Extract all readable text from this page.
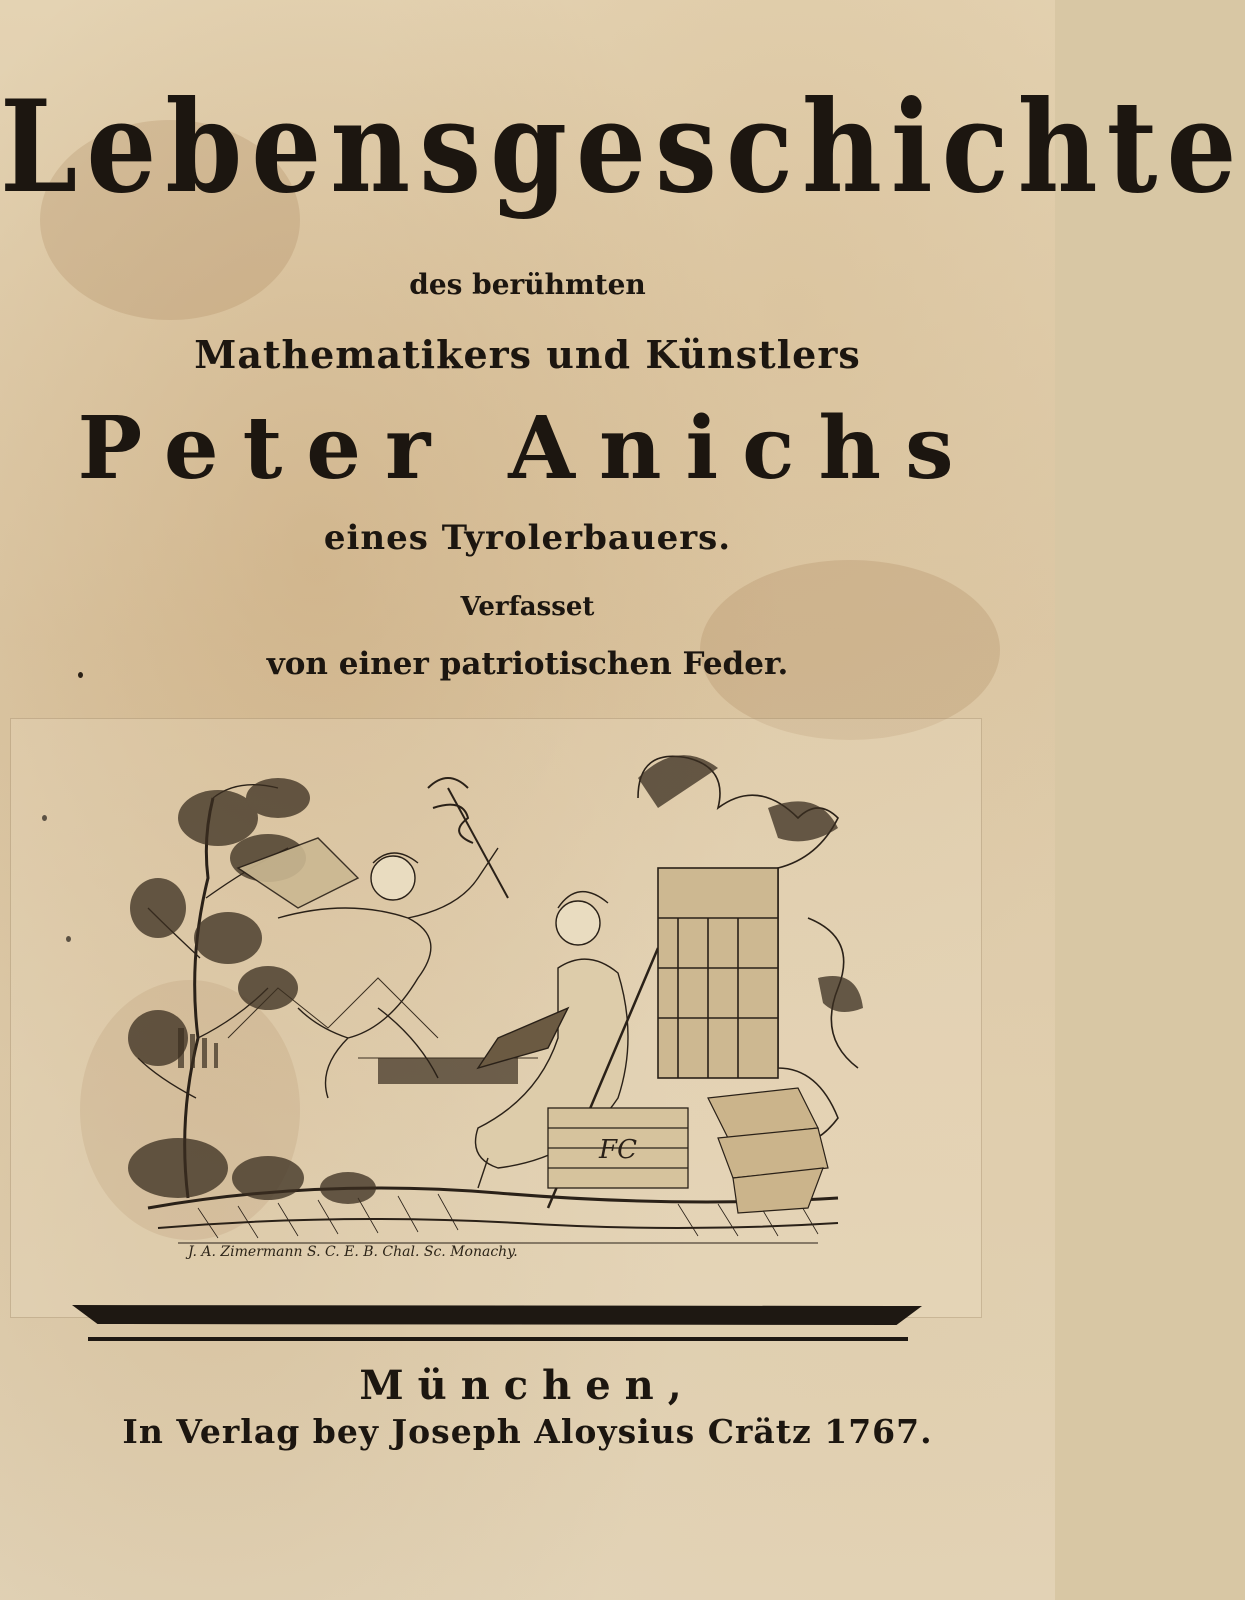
Lebensgeschichte
des berühmten
Mathematikers und Künstlers
Peter Anichs
eines Tyrolerbauers.
Verfasset
von einer patriotischen Feder.
FC
J. A. Zimermann S. C. E. B. Chal. Sc. Monachy.
München,
In Verlag bey Joseph Aloysius Crätz 1767.
